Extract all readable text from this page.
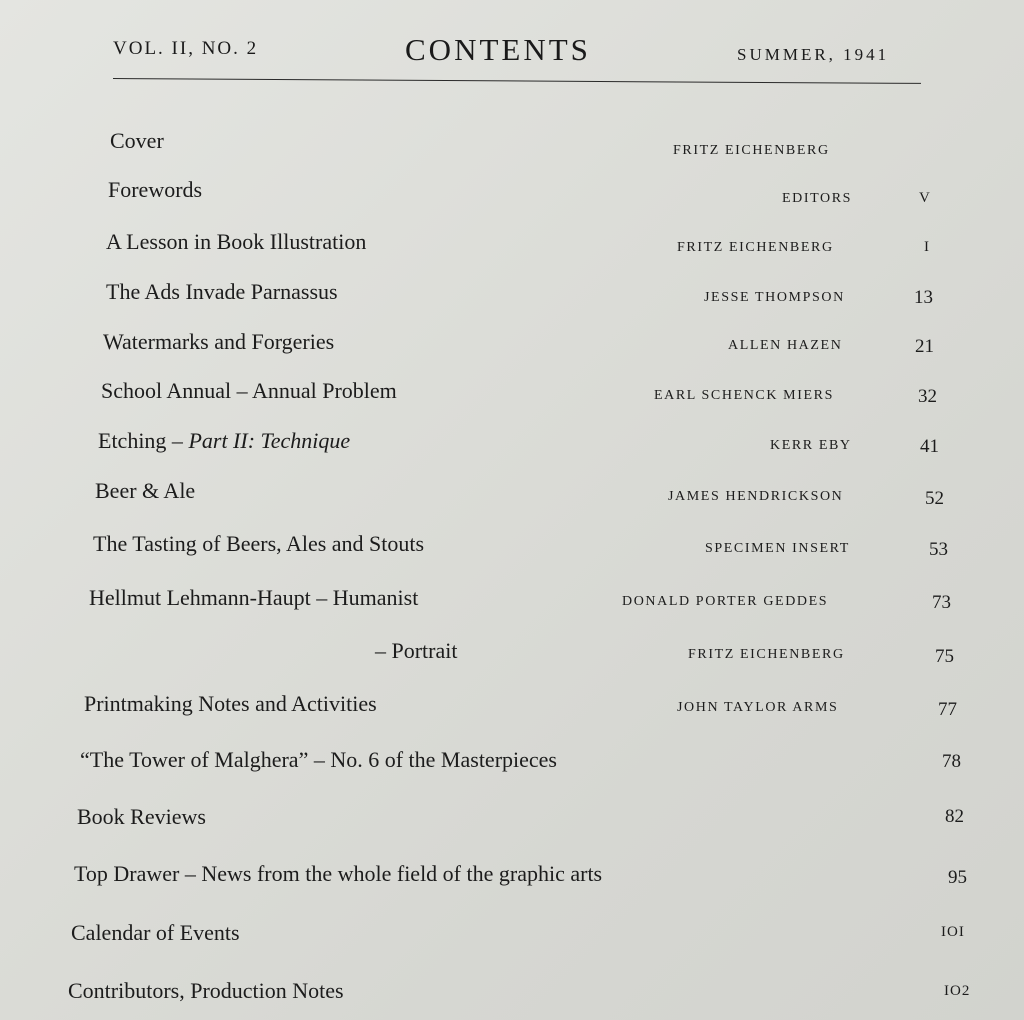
VOL. II, NO. 2	CONTENTS	SUMMER, 1941
Cover	FRITZ EICHENBERG
Forewords	EDITORS	V
A Lesson in Book Illustration	FRITZ EICHENBERG	I
The Ads Invade Parnassus	JESSE THOMPSON	13
Watermarks and Forgeries	ALLEN HAZEN	21
School Annual – Annual Problem	EARL SCHENCK MIERS	32
Etching – Part II: Technique	KERR EBY	41
Beer & Ale	JAMES HENDRICKSON	52
The Tasting of Beers, Ales and Stouts	SPECIMEN INSERT	53
Hellmut Lehmann-Haupt – Humanist	DONALD PORTER GEDDES	73
– Portrait	FRITZ EICHENBERG	75
Printmaking Notes and Activities	JOHN TAYLOR ARMS	77
“The Tower of Malghera” – No. 6 of the Masterpieces	78
Book Reviews	82
Top Drawer – News from the whole field of the graphic arts	95
Calendar of Events	IOI
Contributors, Production Notes	IO2
